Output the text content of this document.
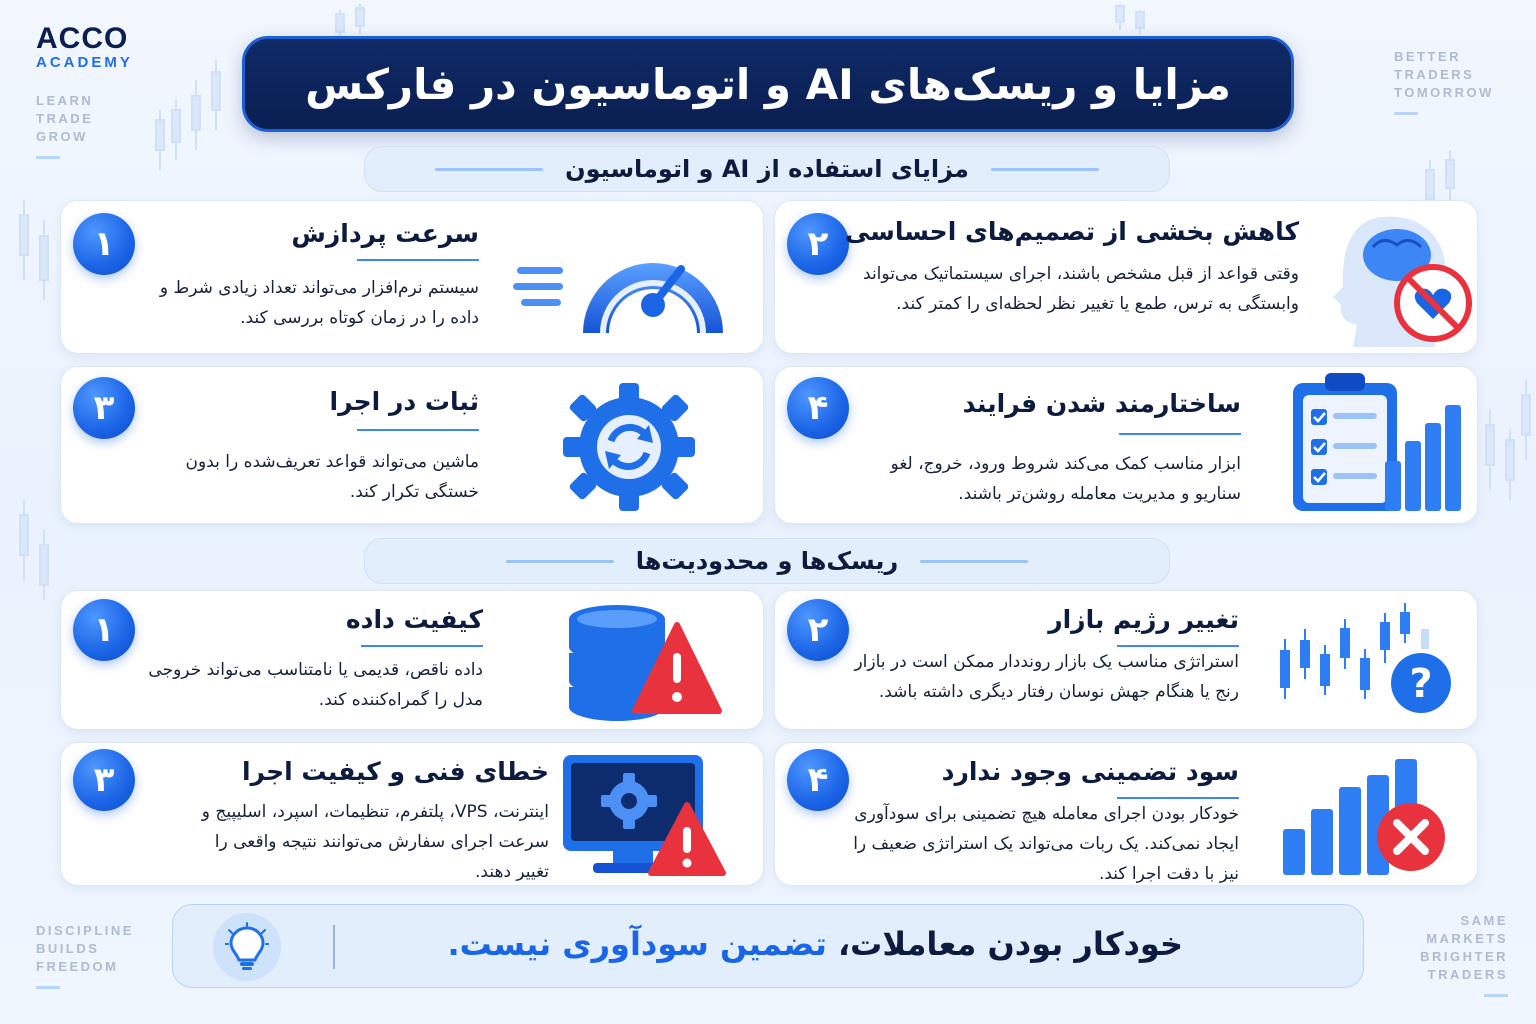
ACCO
ACADEMY
LEARN
TRADE
GROW
BETTER
TRADERS
TOMORROW
DISCIPLINE
BUILDS
FREEDOM
SAME
MARKETS
BRIGHTER
TRADERS
مزایا و ریسک‌های AI و اتوماسیون در فارکس
مزایای استفاده از AI و اتوماسیون
۱	سرعت پردازش
سیستم نرم‌افزار می‌تواند تعداد زیادی شرط و داده را در زمان کوتاه بررسی کند.
۲ کاهش بخشی از تصمیم‌های احساسی
وقتی قواعد از قبل مشخص باشند، اجرای سیستماتیک می‌تواند وابستگی به ترس، طمع یا تغییر نظر لحظه‌ای را کمتر کند.
۳	ثبات در اجرا
ماشین می‌تواند قواعد تعریف‌شده را بدون خستگی تکرار کند.
۴	ساختارمند شدن فرایند
ابزار مناسب کمک می‌کند شروط ورود، خروج، لغو سناریو و مدیریت معامله روشن‌تر باشند.
ریسک‌ها و محدودیت‌ها
۱	کیفیت داده
داده ناقص، قدیمی یا نامتناسب می‌تواند خروجی مدل را گمراه‌کننده کند.
۲	تغییر رژیم بازار
استراتژی مناسب یک بازار رونددار ممکن است در بازار رنج یا هنگام جهش نوسان رفتار دیگری داشته باشد.	?
۳	خطای فنی و کیفیت اجرا
اینترنت، VPS، پلتفرم، تنظیمات، اسپرد، اسلیپیج و سرعت اجرای سفارش می‌توانند نتیجه واقعی را تغییر دهند.
۴	سود تضمینی وجود ندارد
خودکار بودن اجرای معامله هیچ تضمینی برای سودآوری ایجاد نمی‌کند. یک ربات می‌تواند یک استراتژی ضعیف را نیز با دقت اجرا کند.
خودکار بودن معاملات، تضمین سودآوری نیست.
